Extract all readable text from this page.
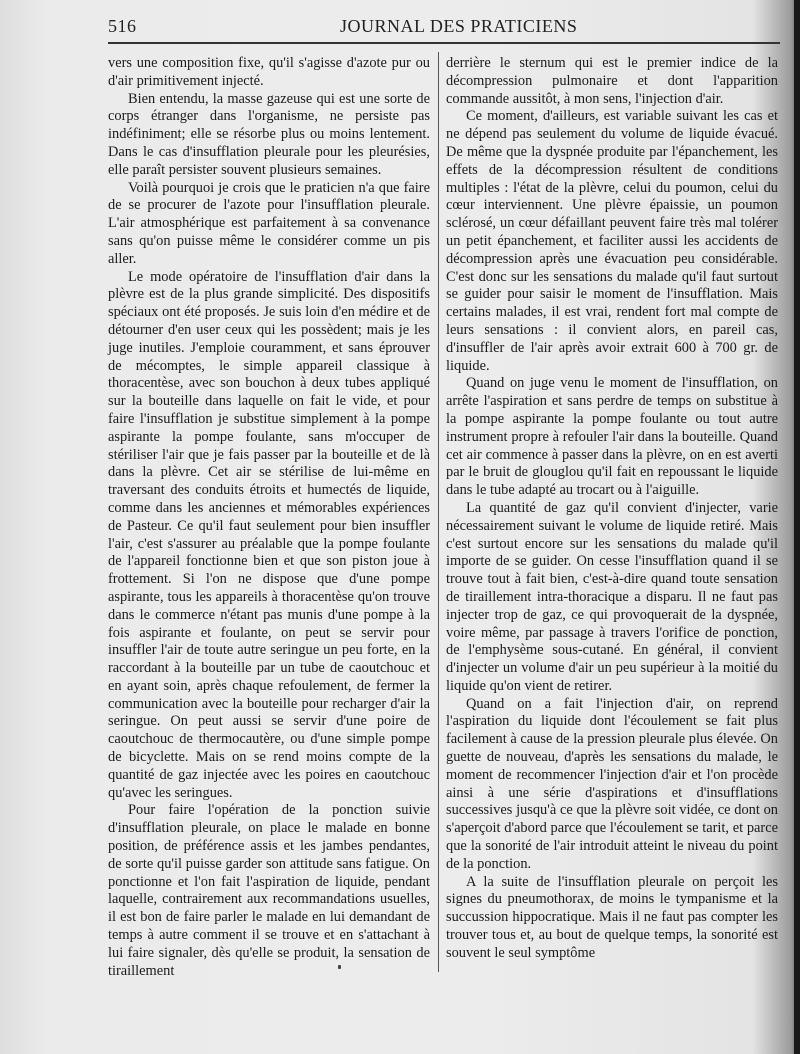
516	JOURNAL DES PRATICIENS

vers une composition fixe, qu'il s'agisse d'azote pur ou d'air primitivement injecté.

Bien entendu, la masse gazeuse qui est une sorte de corps étranger dans l'organisme, ne persiste pas indéfiniment; elle se résorbe plus ou moins lentement. Dans le cas d'insufflation pleurale pour les pleurésies, elle paraît persister souvent plusieurs semaines.

Voilà pourquoi je crois que le praticien n'a que faire de se procurer de l'azote pour l'insufflation pleurale. L'air atmosphérique est parfaitement à sa convenance sans qu'on puisse même le considérer comme un pis aller.

Le mode opératoire de l'insufflation d'air dans la plèvre est de la plus grande simplicité. Des dispositifs spéciaux ont été proposés. Je suis loin d'en médire et de détourner d'en user ceux qui les possèdent; mais je les juge inutiles. J'emploie couramment, et sans éprouver de mécomptes, le simple appareil classique à thoracentèse, avec son bouchon à deux tubes appliqué sur la bouteille dans laquelle on fait le vide, et pour faire l'insufflation je substitue simplement à la pompe aspirante la pompe foulante, sans m'occuper de stériliser l'air que je fais passer par la bouteille et de là dans la plèvre. Cet air se stérilise de lui-même en traversant des conduits étroits et humectés de liquide, comme dans les anciennes et mémorables expériences de Pasteur. Ce qu'il faut seulement pour bien insuffler l'air, c'est s'assurer au préalable que la pompe foulante de l'appareil fonctionne bien et que son piston joue à frottement. Si l'on ne dispose que d'une pompe aspirante, tous les appareils à thoracentèse qu'on trouve dans le commerce n'étant pas munis d'une pompe à la fois aspirante et foulante, on peut se servir pour insuffler l'air de toute autre seringue un peu forte, en la raccordant à la bouteille par un tube de caoutchouc et en ayant soin, après chaque refoulement, de fermer la communication avec la bouteille pour recharger d'air la seringue. On peut aussi se servir d'une poire de caoutchouc de thermocautère, ou d'une simple pompe de bicyclette. Mais on se rend moins compte de la quantité de gaz injectée avec les poires en caoutchouc qu'avec les seringues.

Pour faire l'opération de la ponction suivie d'insufflation pleurale, on place le malade en bonne position, de préférence assis et les jambes pendantes, de sorte qu'il puisse garder son attitude sans fatigue. On ponctionne et l'on fait l'aspiration de liquide, pendant laquelle, contrairement aux recommandations usuelles, il est bon de faire parler le malade en lui demandant de temps à autre comment il se trouve et en s'attachant à lui faire signaler, dès qu'elle se produit, la sensation de tiraillement

derrière le sternum qui est le premier indice de la décompression pulmonaire et dont l'apparition commande aussitôt, à mon sens, l'injection d'air.

Ce moment, d'ailleurs, est variable suivant les cas et ne dépend pas seulement du volume de liquide évacué. De même que la dyspnée produite par l'épanchement, les effets de la décompression résultent de conditions multiples : l'état de la plèvre, celui du poumon, celui du cœur interviennent. Une plèvre épaissie, un poumon sclérosé, un cœur défaillant peuvent faire très mal tolérer un petit épanchement, et faciliter aussi les accidents de décompression après une évacuation peu considérable. C'est donc sur les sensations du malade qu'il faut surtout se guider pour saisir le moment de l'insufflation. Mais certains malades, il est vrai, rendent fort mal compte de leurs sensations : il convient alors, en pareil cas, d'insuffler de l'air après avoir extrait 600 à 700 gr. de liquide.

Quand on juge venu le moment de l'insufflation, on arrête l'aspiration et sans perdre de temps on substitue à la pompe aspirante la pompe foulante ou tout autre instrument propre à refouler l'air dans la bouteille. Quand cet air commence à passer dans la plèvre, on en est averti par le bruit de glouglou qu'il fait en repoussant le liquide dans le tube adapté au trocart ou à l'aiguille.

La quantité de gaz qu'il convient d'injecter, varie nécessairement suivant le volume de liquide retiré. Mais c'est surtout encore sur les sensations du malade qu'il importe de se guider. On cesse l'insufflation quand il se trouve tout à fait bien, c'est-à-dire quand toute sensation de tiraillement intra-thoracique a disparu. Il ne faut pas injecter trop de gaz, ce qui provoquerait de la dyspnée, voire même, par passage à travers l'orifice de ponction, de l'emphysème sous-cutané. En général, il convient d'injecter un volume d'air un peu supérieur à la moitié du liquide qu'on vient de retirer.

Quand on a fait l'injection d'air, on reprend l'aspiration du liquide dont l'écoulement se fait plus facilement à cause de la pression pleurale plus élevée. On guette de nouveau, d'après les sensations du malade, le moment de recommencer l'injection d'air et l'on procède ainsi à une série d'aspirations et d'insufflations successives jusqu'à ce que la plèvre soit vidée, ce dont on s'aperçoit d'abord parce que l'écoulement se tarit, et parce que la sonorité de l'air introduit atteint le niveau du point de la ponction.

A la suite de l'insufflation pleurale on perçoit les signes du pneumothorax, de moins le tympanisme et la succussion hippocratique. Mais il ne faut pas compter les trouver tous et, au bout de quelque temps, la sonorité est souvent le seul symptôme
